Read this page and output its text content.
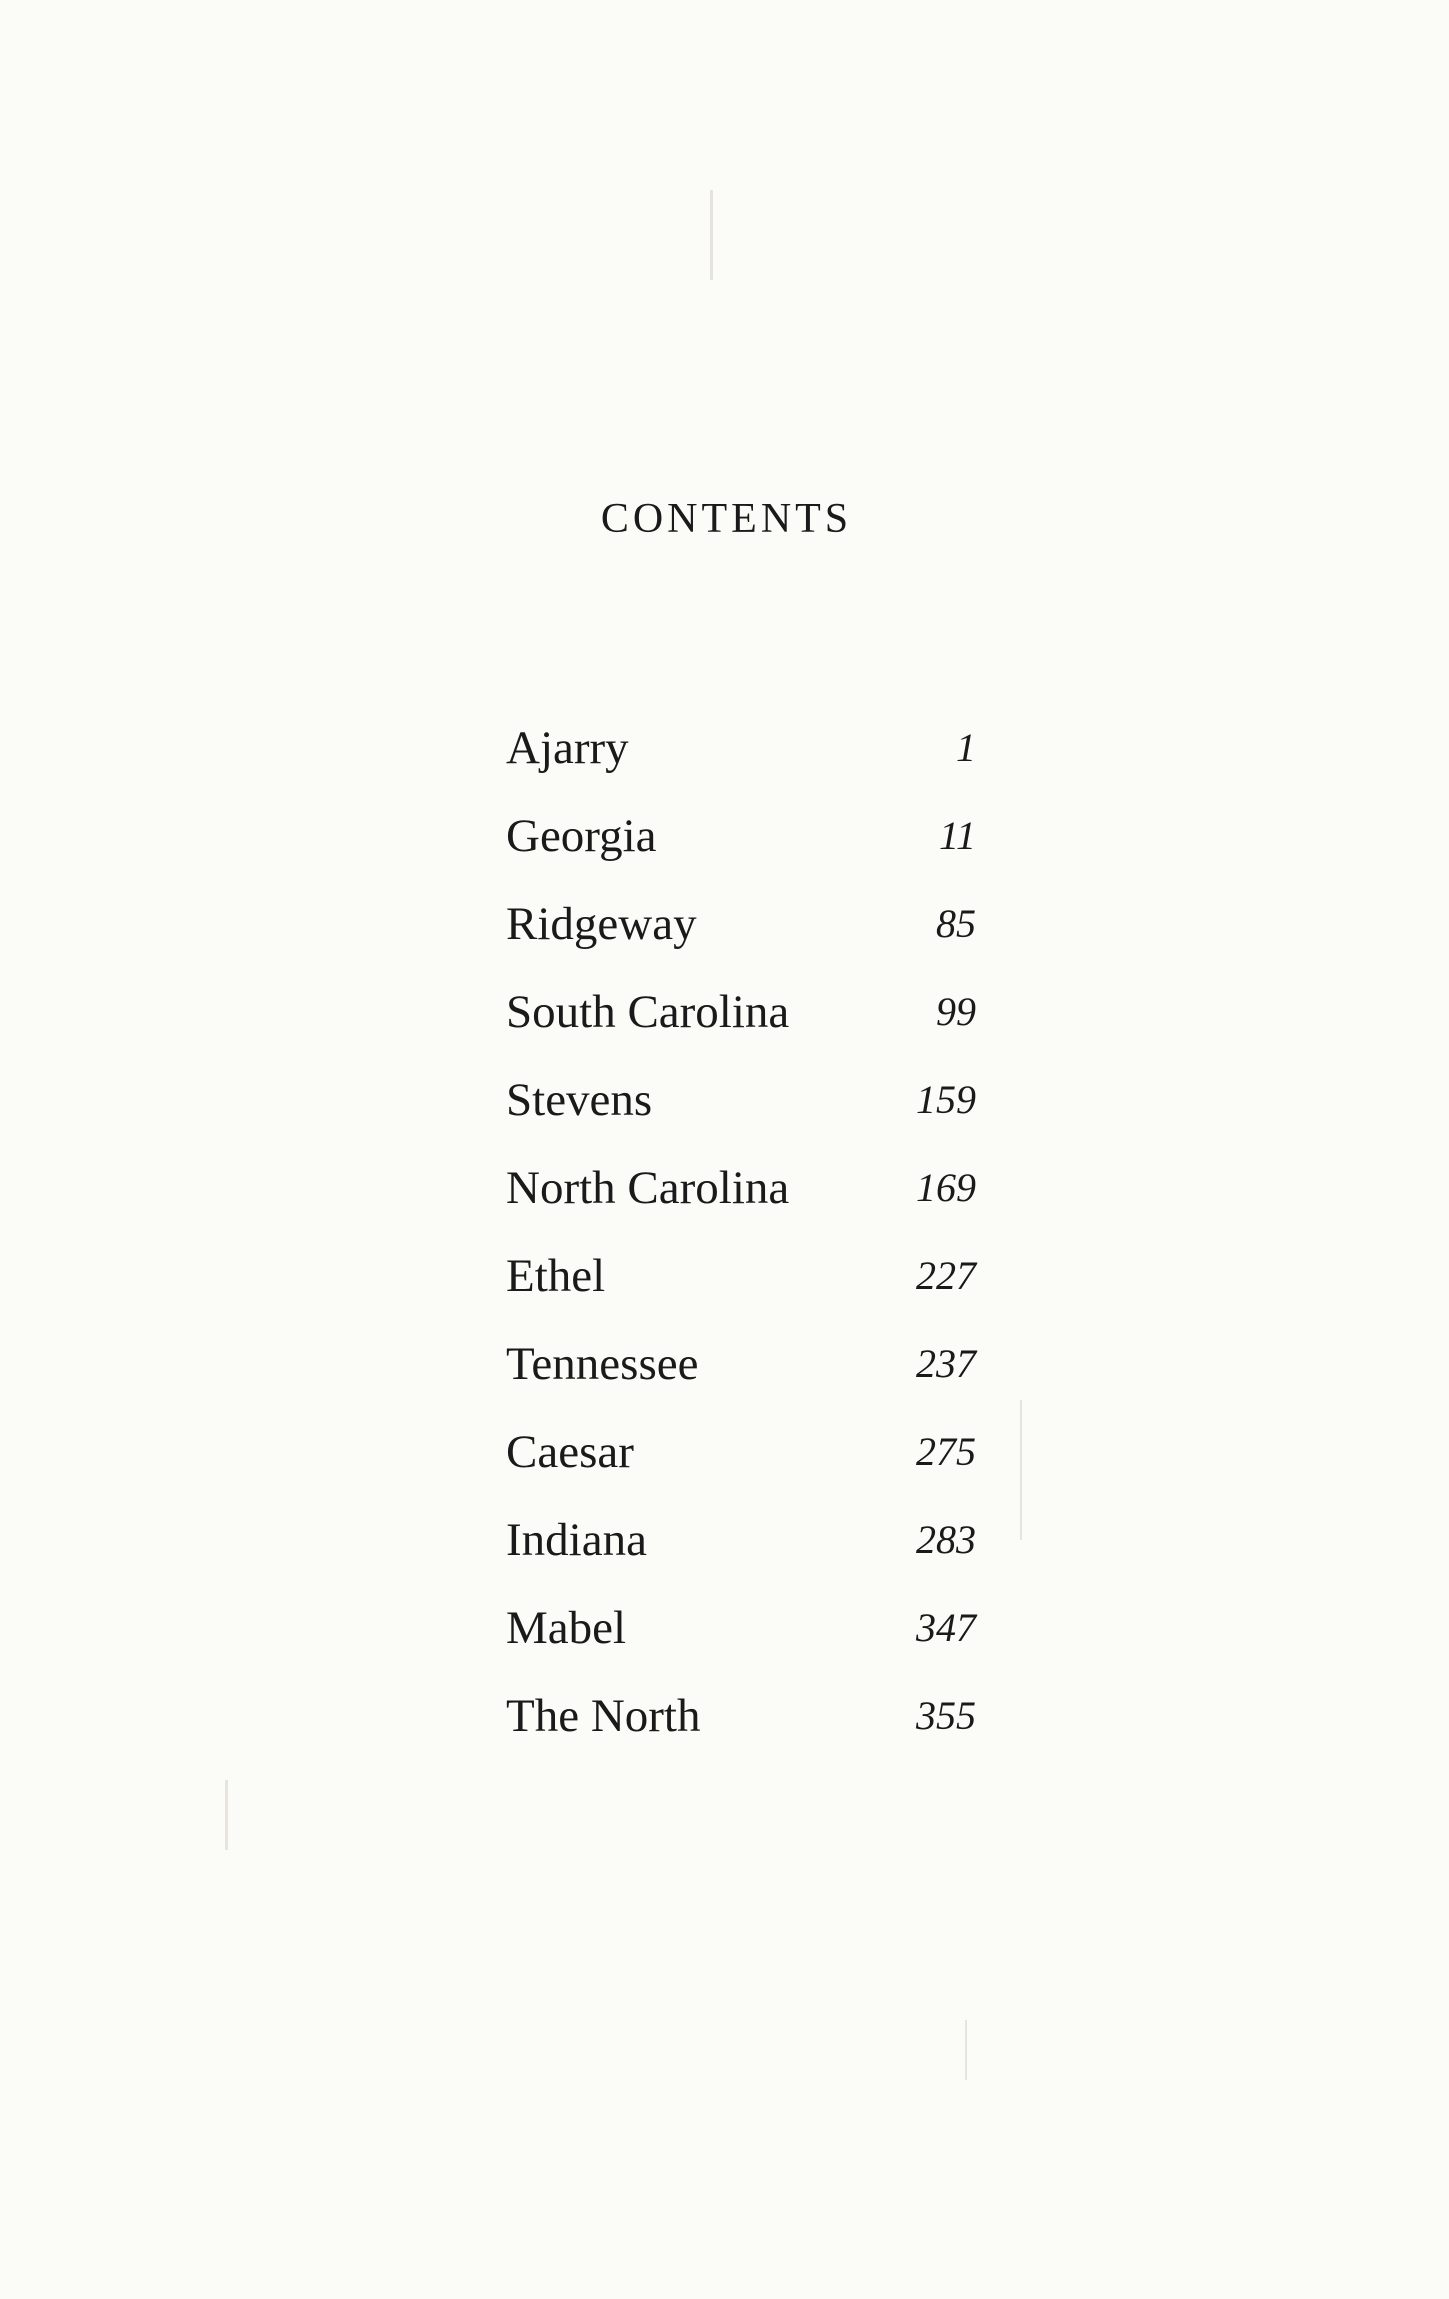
CONTENTS
Ajarry	1
Georgia	11
Ridgeway	85
South Carolina	99
Stevens	159
North Carolina	169
Ethel	227
Tennessee	237
Caesar	275
Indiana	283
Mabel	347
The North	355
